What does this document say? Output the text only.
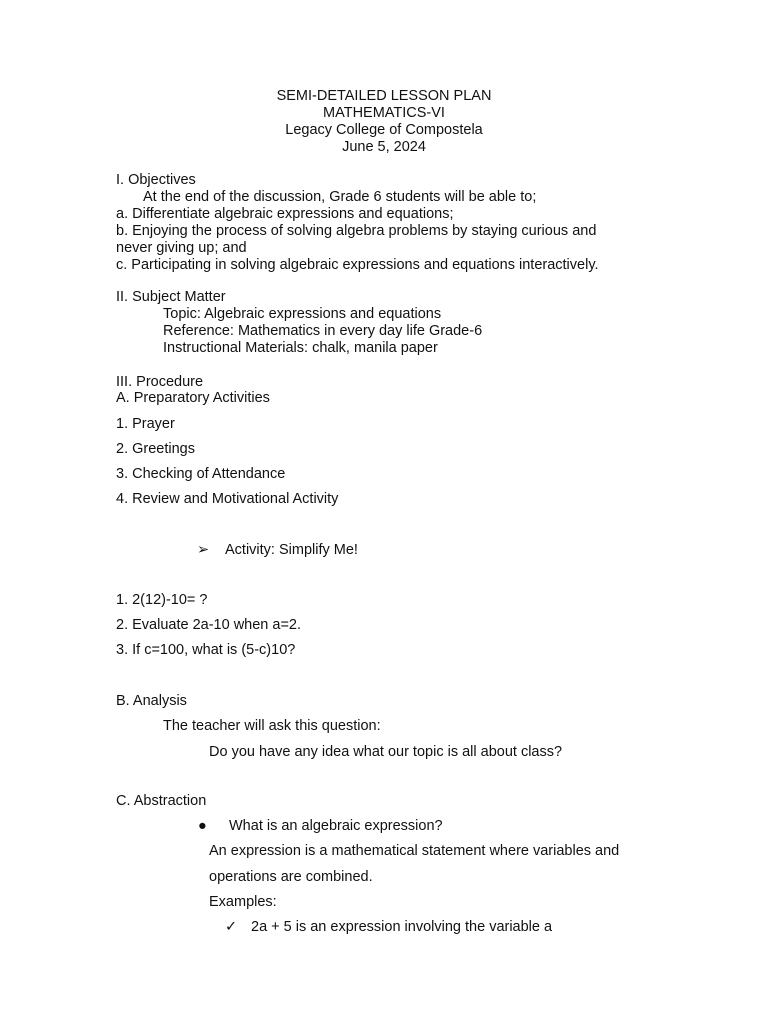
SEMI-DETAILED LESSON PLAN
MATHEMATICS-VI
Legacy College of Compostela
June 5, 2024
I. Objectives
At the end of the discussion, Grade 6 students will be able to;
a. Differentiate algebraic expressions and equations;
b. Enjoying the process of solving algebra problems by staying curious and
never giving up; and
c. Participating in solving algebraic expressions and equations interactively.
II. Subject Matter
Topic: Algebraic expressions and equations
Reference: Mathematics in every day life Grade-6
Instructional Materials: chalk, manila paper
III. Procedure
A. Preparatory Activities
1. Prayer
2. Greetings
3. Checking of Attendance
4. Review and Motivational Activity
➢ Activity: Simplify Me!
1. 2(12)-10= ?
2. Evaluate 2a-10 when a=2.
3. If c=100, what is (5-c)10?
B. Analysis
The teacher will ask this question:
Do you have any idea what our topic is all about class?
C. Abstraction
● What is an algebraic expression?
An expression is a mathematical statement where variables and
operations are combined.
Examples:
✓ 2a + 5 is an expression involving the variable a
